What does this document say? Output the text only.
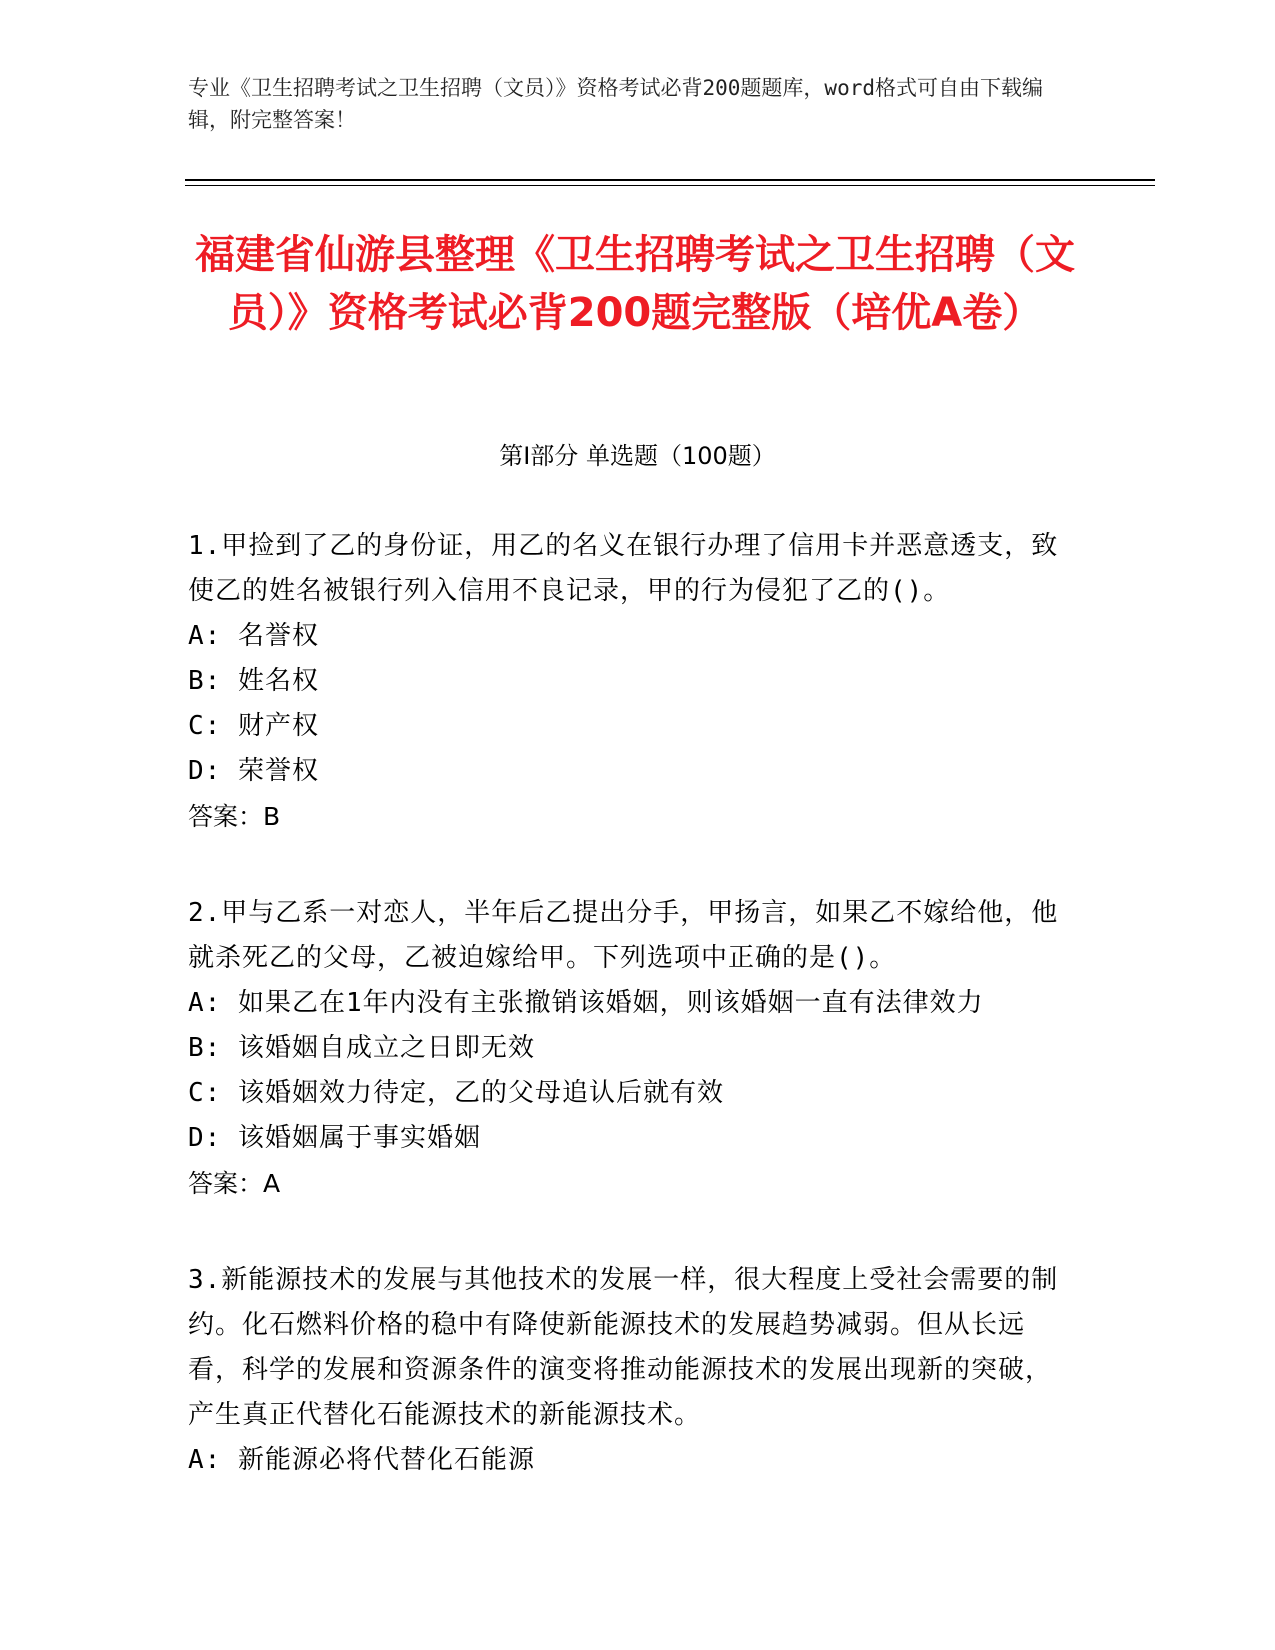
专业《卫生招聘考试之卫生招聘（文员）》资格考试必背200题题库，word格式可自由下载编辑，附完整答案！
福建省仙游县整理《卫生招聘考试之卫生招聘（文员）》资格考试必背200题完整版（培优A卷）
第Ⅰ部分 单选题（100题）
1.甲捡到了乙的身份证，用乙的名义在银行办理了信用卡并恶意透支，致使乙的姓名被银行列入信用不良记录，甲的行为侵犯了乙的()。
A: 名誉权
B: 姓名权
C: 财产权
D: 荣誉权
答案：B
2.甲与乙系一对恋人，半年后乙提出分手，甲扬言，如果乙不嫁给他，他就杀死乙的父母，乙被迫嫁给甲。下列选项中正确的是()。
A: 如果乙在1年内没有主张撤销该婚姻，则该婚姻一直有法律效力
B: 该婚姻自成立之日即无效
C: 该婚姻效力待定，乙的父母追认后就有效
D: 该婚姻属于事实婚姻
答案：A
3.新能源技术的发展与其他技术的发展一样，很大程度上受社会需要的制约。化石燃料价格的稳中有降使新能源技术的发展趋势减弱。但从长远看，科学的发展和资源条件的演变将推动能源技术的发展出现新的突破，产生真正代替化石能源技术的新能源技术。
A: 新能源必将代替化石能源
